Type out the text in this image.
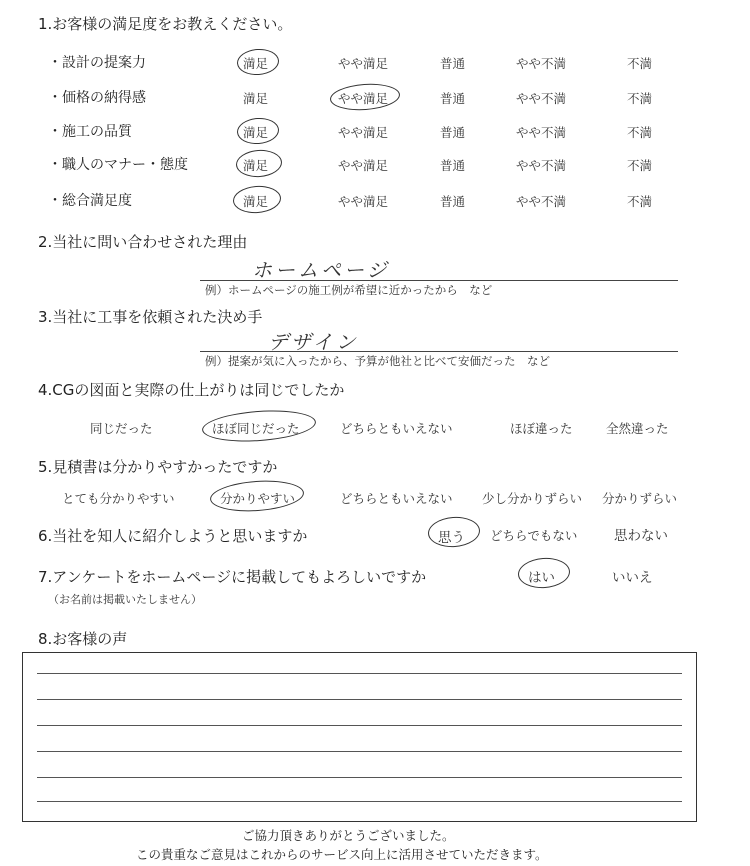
1.お客様の満足度をお教えください。
・設計の提案力	満足	やや満足	普通	やや不満	不満
・価格の納得感	満足	やや満足	普通	やや不満	不満
・施工の品質	満足	やや満足	普通	やや不満	不満
・職人のマナー・態度	満足	やや満足	普通	やや不満	不満
・総合満足度	満足	やや満足	普通	やや不満	不満
2.当社に問い合わせされた理由
ホームページ
例）ホームページの施工例が希望に近かったから　など
3.当社に工事を依頼された決め手
デザイン
例）提案が気に入ったから、予算が他社と比べて安価だった　など
4.CGの図面と実際の仕上がりは同じでしたか
同じだった	ほぼ同じだった	どちらともいえない	ほぼ違った	全然違った
5.見積書は分かりやすかったですか
とても分かりやすい	分かりやすい	どちらともいえない 少し分かりずらい 分かりずらい
6.当社を知人に紹介しようと思いますか	思う どちらでもない	思わない
7.アンケートをホームページに掲載してもよろしいですか
（お名前は掲載いたしません）
はい	いいえ
8.お客様の声
ご協力頂きありがとうございました。
この貴重なご意見はこれからのサービス向上に活用させていただきます。
